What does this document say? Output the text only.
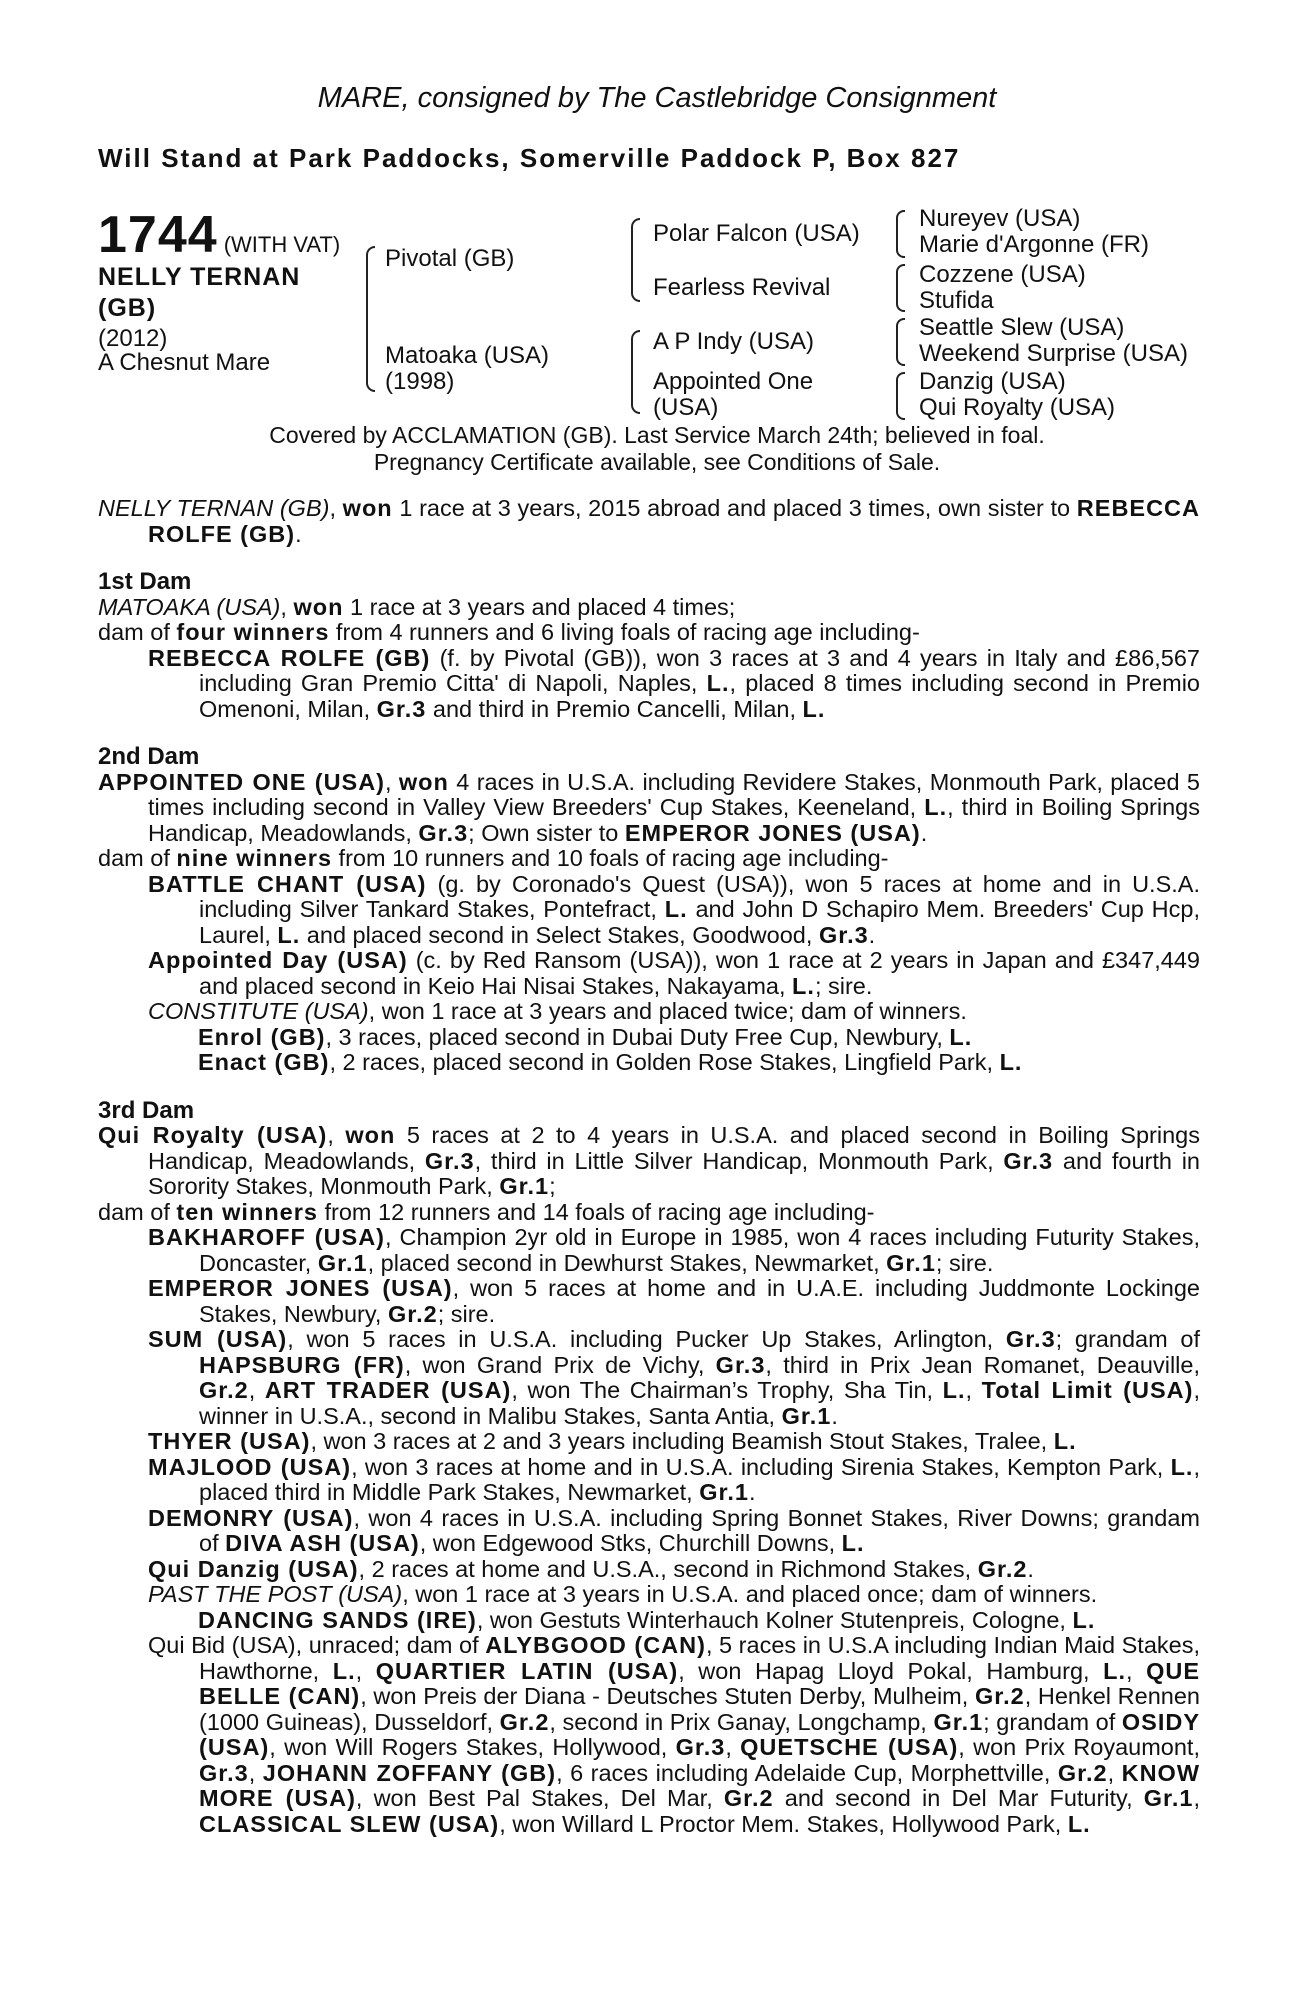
MARE, consigned by The Castlebridge Consignment
Will Stand at Park Paddocks, Somerville Paddock P, Box 827
1744 (WITH VAT)
NELLY TERNAN
(GB)
(2012)
A Chesnut Mare
Pivotal (GB)
Matoaka (USA)
(1998)
Polar Falcon (USA)
Fearless Revival
A P Indy (USA)
Appointed One
(USA)
Nureyev (USA)
Marie d'Argonne (FR)
Cozzene (USA)
Stufida
Seattle Slew (USA)
Weekend Surprise (USA)
Danzig (USA)
Qui Royalty (USA)
Covered by ACCLAMATION (GB). Last Service March 24th; believed in foal.
Pregnancy Certificate available, see Conditions of Sale.

NELLY TERNAN (GB), won 1 race at 3 years, 2015 abroad and placed 3 times, own sister to REBECCA ROLFE (GB).

1st Dam

MATOAKA (USA), won 1 race at 3 years and placed 4 times;

dam of four winners from 4 runners and 6 living foals of racing age including-

REBECCA ROLFE (GB) (f. by Pivotal (GB)), won 3 races at 3 and 4 years in Italy and £86,567 including Gran Premio Citta' di Napoli, Naples, L., placed 8 times including second in Premio Omenoni, Milan, Gr.3 and third in Premio Cancelli, Milan, L.

2nd Dam

APPOINTED ONE (USA), won 4 races in U.S.A. including Revidere Stakes, Monmouth Park, placed 5 times including second in Valley View Breeders' Cup Stakes, Keeneland, L., third in Boiling Springs Handicap, Meadowlands, Gr.3; Own sister to EMPEROR JONES (USA).

dam of nine winners from 10 runners and 10 foals of racing age including-

BATTLE CHANT (USA) (g. by Coronado's Quest (USA)), won 5 races at home and in U.S.A. including Silver Tankard Stakes, Pontefract, L. and John D Schapiro Mem. Breeders' Cup Hcp, Laurel, L. and placed second in Select Stakes, Goodwood, Gr.3.

Appointed Day (USA) (c. by Red Ransom (USA)), won 1 race at 2 years in Japan and £347,449 and placed second in Keio Hai Nisai Stakes, Nakayama, L.; sire.

CONSTITUTE (USA), won 1 race at 3 years and placed twice; dam of winners.

Enrol (GB), 3 races, placed second in Dubai Duty Free Cup, Newbury, L.

Enact (GB), 2 races, placed second in Golden Rose Stakes, Lingfield Park, L.

3rd Dam

Qui Royalty (USA), won 5 races at 2 to 4 years in U.S.A. and placed second in Boiling Springs Handicap, Meadowlands, Gr.3, third in Little Silver Handicap, Monmouth Park, Gr.3 and fourth in Sorority Stakes, Monmouth Park, Gr.1;

dam of ten winners from 12 runners and 14 foals of racing age including-

BAKHAROFF (USA), Champion 2yr old in Europe in 1985, won 4 races including Futurity Stakes, Doncaster, Gr.1, placed second in Dewhurst Stakes, Newmarket, Gr.1; sire.

EMPEROR JONES (USA), won 5 races at home and in U.A.E. including Juddmonte Lockinge Stakes, Newbury, Gr.2; sire.

SUM (USA), won 5 races in U.S.A. including Pucker Up Stakes, Arlington, Gr.3; grandam of HAPSBURG (FR), won Grand Prix de Vichy, Gr.3, third in Prix Jean Romanet, Deauville, Gr.2, ART TRADER (USA), won The Chairman’s Trophy, Sha Tin, L., Total Limit (USA), winner in U.S.A., second in Malibu Stakes, Santa Antia, Gr.1.

THYER (USA), won 3 races at 2 and 3 years including Beamish Stout Stakes, Tralee, L.

MAJLOOD (USA), won 3 races at home and in U.S.A. including Sirenia Stakes, Kempton Park, L., placed third in Middle Park Stakes, Newmarket, Gr.1.

DEMONRY (USA), won 4 races in U.S.A. including Spring Bonnet Stakes, River Downs; grandam of DIVA ASH (USA), won Edgewood Stks, Churchill Downs, L.

Qui Danzig (USA), 2 races at home and U.S.A., second in Richmond Stakes, Gr.2.

PAST THE POST (USA), won 1 race at 3 years in U.S.A. and placed once; dam of winners.

DANCING SANDS (IRE), won Gestuts Winterhauch Kolner Stutenpreis, Cologne, L.

Qui Bid (USA), unraced; dam of ALYBGOOD (CAN), 5 races in U.S.A including Indian Maid Stakes, Hawthorne, L., QUARTIER LATIN (USA), won Hapag Lloyd Pokal, Hamburg, L., QUE BELLE (CAN), won Preis der Diana - Deutsches Stuten Derby, Mulheim, Gr.2, Henkel Rennen (1000 Guineas), Dusseldorf, Gr.2, second in Prix Ganay, Longchamp, Gr.1; grandam of OSIDY (USA), won Will Rogers Stakes, Hollywood, Gr.3, QUETSCHE (USA), won Prix Royaumont, Gr.3, JOHANN ZOFFANY (GB), 6 races including Adelaide Cup, Morphettville, Gr.2, KNOW MORE (USA), won Best Pal Stakes, Del Mar, Gr.2 and second in Del Mar Futurity, Gr.1, CLASSICAL SLEW (USA), won Willard L Proctor Mem. Stakes, Hollywood Park, L.
